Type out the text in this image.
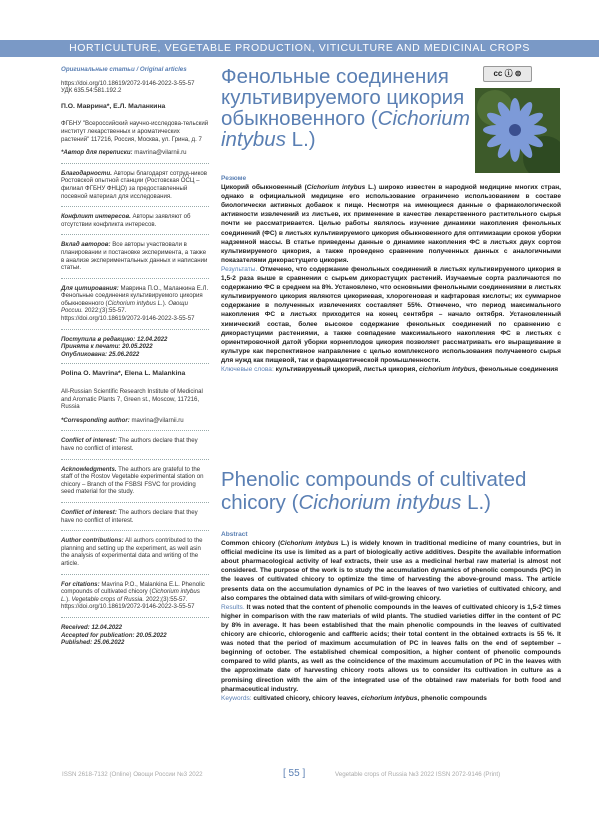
HORTICULTURE, VEGETABLE PRODUCTION, VITICULTURE AND MEDICINAL CROPS
Оригинальные статьи / Original articles

https://doi.org/10.18619/2072-9146-2022-3-55-57

УДК 635.54:581.192.2

П.О. Маврина*, Е.Л. Маланкина

ФГБНУ "Всероссийский научно-исследова-тельский институт лекарственных и ароматических растений" 117216, Россия, Москва, ул. Грина, д. 7

*Автор для переписки: mavrina@vilarnii.ru

Благодарности. Авторы благодарят сотруд-ников Ростовской опытной станции (Ростовская ОСЦ – филиал ФГБНУ ФНЦО) за предоставленный посевной материал для исследования.

Конфликт интересов. Авторы заявляют об отсутствии конфликта интересов.

Вклад авторов: Все авторы участвовали в планировании и постановке эксперимента, а также в анализе экспериментальных данных и написании статьи.

Для цитирования: Маврина П.О., Маланкина Е.Л. Фенольные соединения культивируемого цикория обыкновенного (Cichorium intybus L.). Овощи России. 2022;(3):55-57. https://doi.org/10.18619/2072-9146-2022-3-55-57

Поступила в редакцию: 12.04.2022
Принята к печати: 20.05.2022
Опубликована: 25.06.2022
Polina O. Mavrina*, Elena L. Malankina

All-Russian Scientific Research Institute of Medicinal and Aromatic Plants 7, Green st., Moscow, 117216, Russia

*Corresponding author: mavrina@vilarnii.ru

Conflict of interest: The authors declare that they have no conflict of interest.

Acknowledgments. The authors are grateful to the staff of the Rostov Vegetable experimental station on chicory – Branch of the FSBSI FSVC for providing seed material for the study.

Conflict of interest: The authors declare that they have no conflict of interest.

Author contributions: All authors contributed to the planning and setting up the experiment, as well asin the analysis of experimental data and writing of the article.

For citations: Mavrina P.O., Malankina E.L. Phenolic compounds of cultivated chicory (Cichorium intybus L.). Vegetable crops of Russia. 2022;(3):55-57. https://doi.org/10.18619/2072-9146-2022-3-55-57

Received: 12.04.2022
Accepted for publication: 20.05.2022
Published: 25.06.2022
Фенольные соединения культивируемого цикория обыкновенного (Cichorium intybus L.)
cc ⓘ ⊜

Резюме

Цикорий обыкновенный (Cichorium intybus L.) широко известен в народной медицине многих стран, однако в официальной медицине его использование ограничено использованием в составе биологически активных добавок к пище. Несмотря на имеющиеся данные о фармакологической активности извлечений из листьев, их применение в качестве лекарственного растительного сырья почти не рассматривается. Целью работы являлось изучение динамики накопления фенольных соединений (ФС) в листьях культивируемого цикория обыкновенного для оптимизации сроков уборки надземной массы. В статье приведены данные о динамике накопления ФС в листьях двух сортов культивируемого цикория, а также проведено сравнение полученных данных с аналогичными показателями дикорастущего цикория.

Результаты. Отмечено, что содержание фенольных соединений в листьях культивируемого цикория в 1,5-2 раза выше в сравнении с сырьем дикорастущих растений. Изучаемые сорта различаются по содержанию ФС в среднем на 8%. Установлено, что основными фенольными соединениями в листьях культивируемого цикория являются цикориевая, хлорогеновая и кафтаровая кислоты; их суммарное содержание в полученных извлечениях составляет 55%. Отмечено, что период максимального накопления ФС в листьях приходится на конец сентября – начало октября. Установленный химический состав, более высокое содержание фенольных соединений по сравнению с дикорастущими растениями, а также совпадение максимального накопления ФС в листьях с ориентировочной датой уборки корнеплодов цикория позволяет рассматривать его выращивание в культуре как перспективное направление с целью комплексного использования получаемого сырья для нужд как пищевой, так и фармацевтической промышленности.

Ключевые слова: культивируемый цикорий, листья цикория, cichorium intybus, фенольные соединения

Phenolic compounds of cultivated chicory (Cichorium intybus L.)

Abstract

Common chicory (Cichorium intybus L.) is widely known in traditional medicine of many countries, but in official medicine its use is limited as a part of biologically active additives. Despite the available information about pharmacological activity of leaf extracts, their use as a medicinal herbal raw material is almost not considered. The purpose of the work is to study the accumulation dynamics of phenolic compounds (PC) in the leaves of cultivated chicory to optimize the time of harvesting the above-ground mass. The article presents data on the accumulation dynamics of PC in the leaves of two varieties of cultivated chicory, and also compares the obtained data with similars of wild-growing chicory.

Results. It was noted that the content of phenolic compounds in the leaves of cultivated chicory is 1,5-2 times higher in comparison with the raw materials of wild plants. The studied varieties differ in the content of PC by 8% in average. It has been established that the main phenolic compounds in the leaves of cultivated chicory are chicoric, chlorogenic and caffteric acids; their total content in the obtained extracts is 55 %. It was noted that the period of maximum accumulation of PC in leaves falls on the end of september – beginning of october. The established chemical composition, a higher content of phenolic compounds compared to wild plants, as well as the coincidence of the maximum accumulation of PC in the leaves with the approximate date of harvesting chicory roots allows us to consider its cultivation in culture as a promising direction with the aim of the integrated use of the obtained raw materials for both food and pharmaceutical industry.

Keywords: cultivated chicory, chicory leaves, cichorium intybus, phenolic compounds

ISSN 2618-7132 (Online) Овощи России №3 2022	[ 55 ]	Vegetable crops of Russia №3 2022 ISSN 2072-9146 (Print)
